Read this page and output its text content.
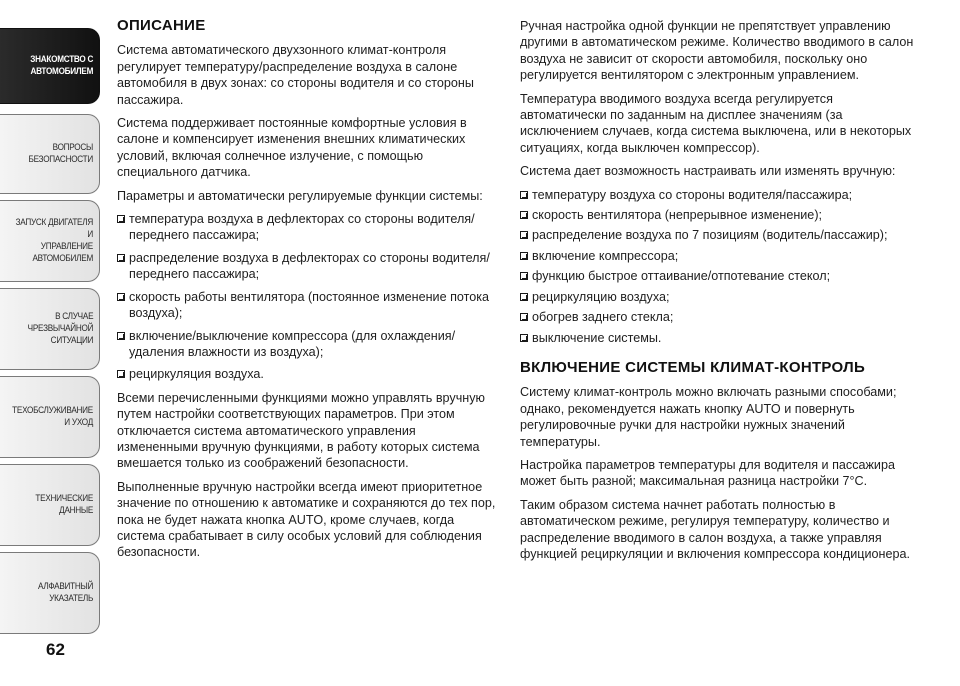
ЗНАКОМСТВО С
АВТОМОБИЛЕМ
ВОПРОСЫ
БЕЗОПАСНОСТИ
ЗАПУСК ДВИГАТЕЛЯ И
УПРАВЛЕНИЕ
АВТОМОБИЛЕМ
В СЛУЧАЕ
ЧРЕЗВЫЧАЙНОЙ
СИТУАЦИИ
ТЕХОБСЛУЖИВАНИЕ
И УХОД
ТЕХНИЧЕСКИЕ
ДАННЫЕ
АЛФАВИТНЫЙ
УКАЗАТЕЛЬ
62
ОПИСАНИЕ

Система автоматического двухзонного климат-контроля регулирует температуру/распределение воздуха в салоне автомобиля в двух зонах: со стороны водителя и со стороны пассажира.

Система поддерживает постоянные комфортные условия в салоне и компенсирует изменения внешних климатических условий, включая солнечное излучение, с помощью специального датчика.

Параметры и автоматически регулируемые функции системы:

температура воздуха в дефлекторах со стороны водителя/переднего пассажира;
распределение воздуха в дефлекторах со стороны водителя/переднего пассажира;
скорость работы вентилятора (постоянное изменение потока воздуха);
включение/выключение компрессора (для охлаждения/удаления влажности из воздуха);
рециркуляция воздуха.

Всеми перечисленными функциями можно управлять вручную путем настройки соответствующих параметров. При этом отключается система автоматического управления измененными вручную функциями, в работу которых система вмешается только из соображений безопасности.

Выполненные вручную настройки всегда имеют приоритетное значение по отношению к автоматике и сохраняются до тех пор, пока не будет нажата кнопка AUTO, кроме случаев, когда система срабатывает в силу особых условий для соблюдения безопасности.

Ручная настройка одной функции не препятствует управлению другими в автоматическом режиме. Количество вводимого в салон воздуха не зависит от скорости автомобиля, поскольку оно регулируется вентилятором с электронным управлением.

Температура вводимого воздуха всегда регулируется автоматически по заданным на дисплее значениям (за исключением случаев, когда система выключена, или в некоторых ситуациях, когда выключен компрессор).

Система дает возможность настраивать или изменять вручную:

температуру воздуха со стороны водителя/пассажира;
скорость вентилятора (непрерывное изменение);
распределение воздуха по 7 позициям (водитель/пассажир);
включение компрессора;
функцию быстрое оттаивание/отпотевание стекол;
рециркуляцию воздуха;
обогрев заднего стекла;
выключение системы.
ВКЛЮЧЕНИЕ СИСТЕМЫ КЛИМАТ-КОНТРОЛЬ

Систему климат-контроль можно включать разными способами; однако, рекомендуется нажать кнопку AUTO и повернуть регулировочные ручки для настройки нужных значений температуры.

Настройка параметров температуры для водителя и пассажира может быть разной; максимальная разница настройки 7°C.

Таким образом система начнет работать полностью в автоматическом режиме, регулируя температуру, количество и распределение вводимого в салон воздуха, а также управляя функцией рециркуляции и включения компрессора кондиционера.
